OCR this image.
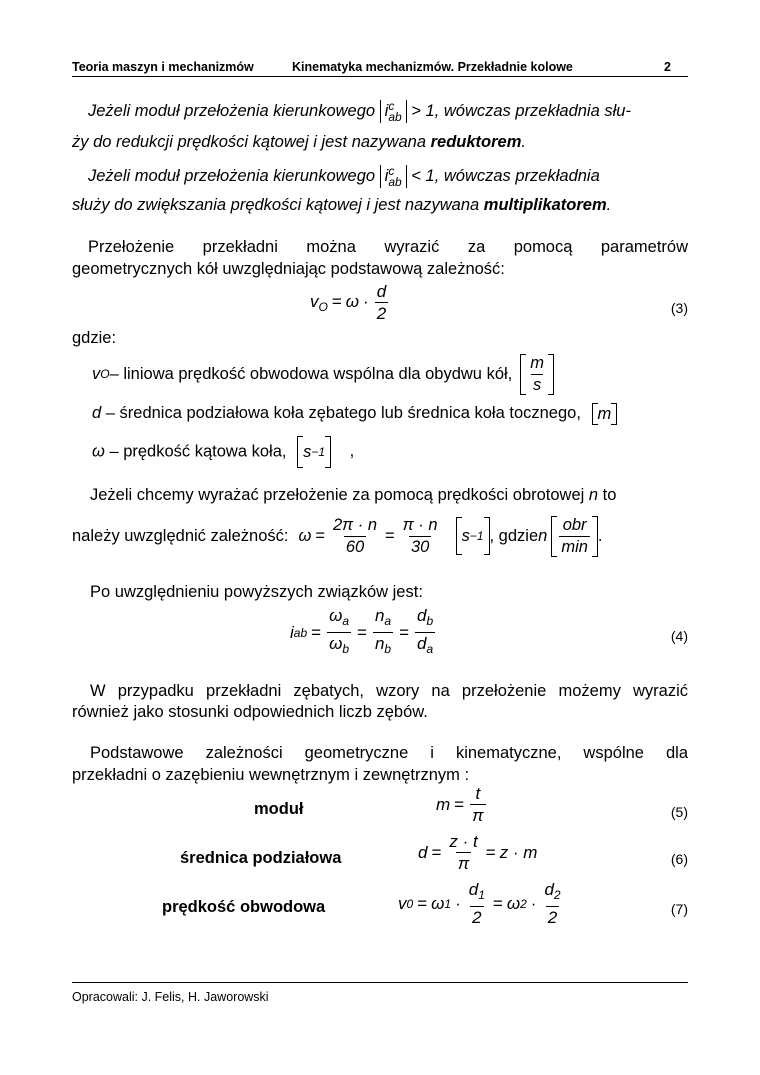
Teoria maszyn i mechanizmów	Kinematyka mechanizmów. Przekładnie kolowe	2
Jeżeli moduł przełożenia kierunkowego i c
ab > 1, wówczas przekładnia słu-
ży do redukcji prędkości kątowej i jest nazywana reduktorem.
Jeżeli moduł przełożenia kierunkowego i c
ab < 1, wówczas przekładnia
służy do zwiększania prędkości kątowej i jest nazywana multiplikatorem.
Przełożenie przekładni można wyrazić za pomocą parametrów
geometrycznych kół uwzględniając podstawową zależność:
$v_O = \omega \cdot \frac{d}{2}$	(3)
gdzie:
v O – liniowa prędkość obwodowa wspólna dla obydwu kół, $\frac{m}{s}$
d – średnica podziałowa koła zębatego lub średnica koła tocznego, m
ω – prędkość kątowa koła, s −1 ,
Jeżeli chcemy wyrażać przełożenie za pomocą prędkości obrotowej n to
należy uwzględnić zależność: $\omega = \frac{2\pi \cdot n}{60} = \frac{\pi \cdot n}{30}$ s −1 , gdzie n $\frac{\text{obr}}{\min}$ .
Po uwzględnieniu powyższych związków jest:
i ab = $\frac{\omega_a}{\omega_b} = \frac{n_a}{n_b} = \frac{d_b}{d_a}$	(4)
W przypadku przekładni zębatych, wzory na przełożenie możemy wyrazić
również jako stosunki odpowiednich liczb zębów.
Podstawowe zależności geometryczne i kinematyczne, wspólne dla
przekładni o zazębieniu wewnętrznym i zewnętrznym :
moduł	$m = \frac{t}{\pi}$	(5)
średnica podziałowa	$d = \frac{z \cdot t}{\pi} = z \cdot m$	(6)
prędkość obwodowa	v 0 = ω $1 \cdot \frac{d_1}{2} = \omega$ $2 \cdot \frac{d_2}{2}$	(7)
Opracowali: J. Felis, H. Jaworowski
